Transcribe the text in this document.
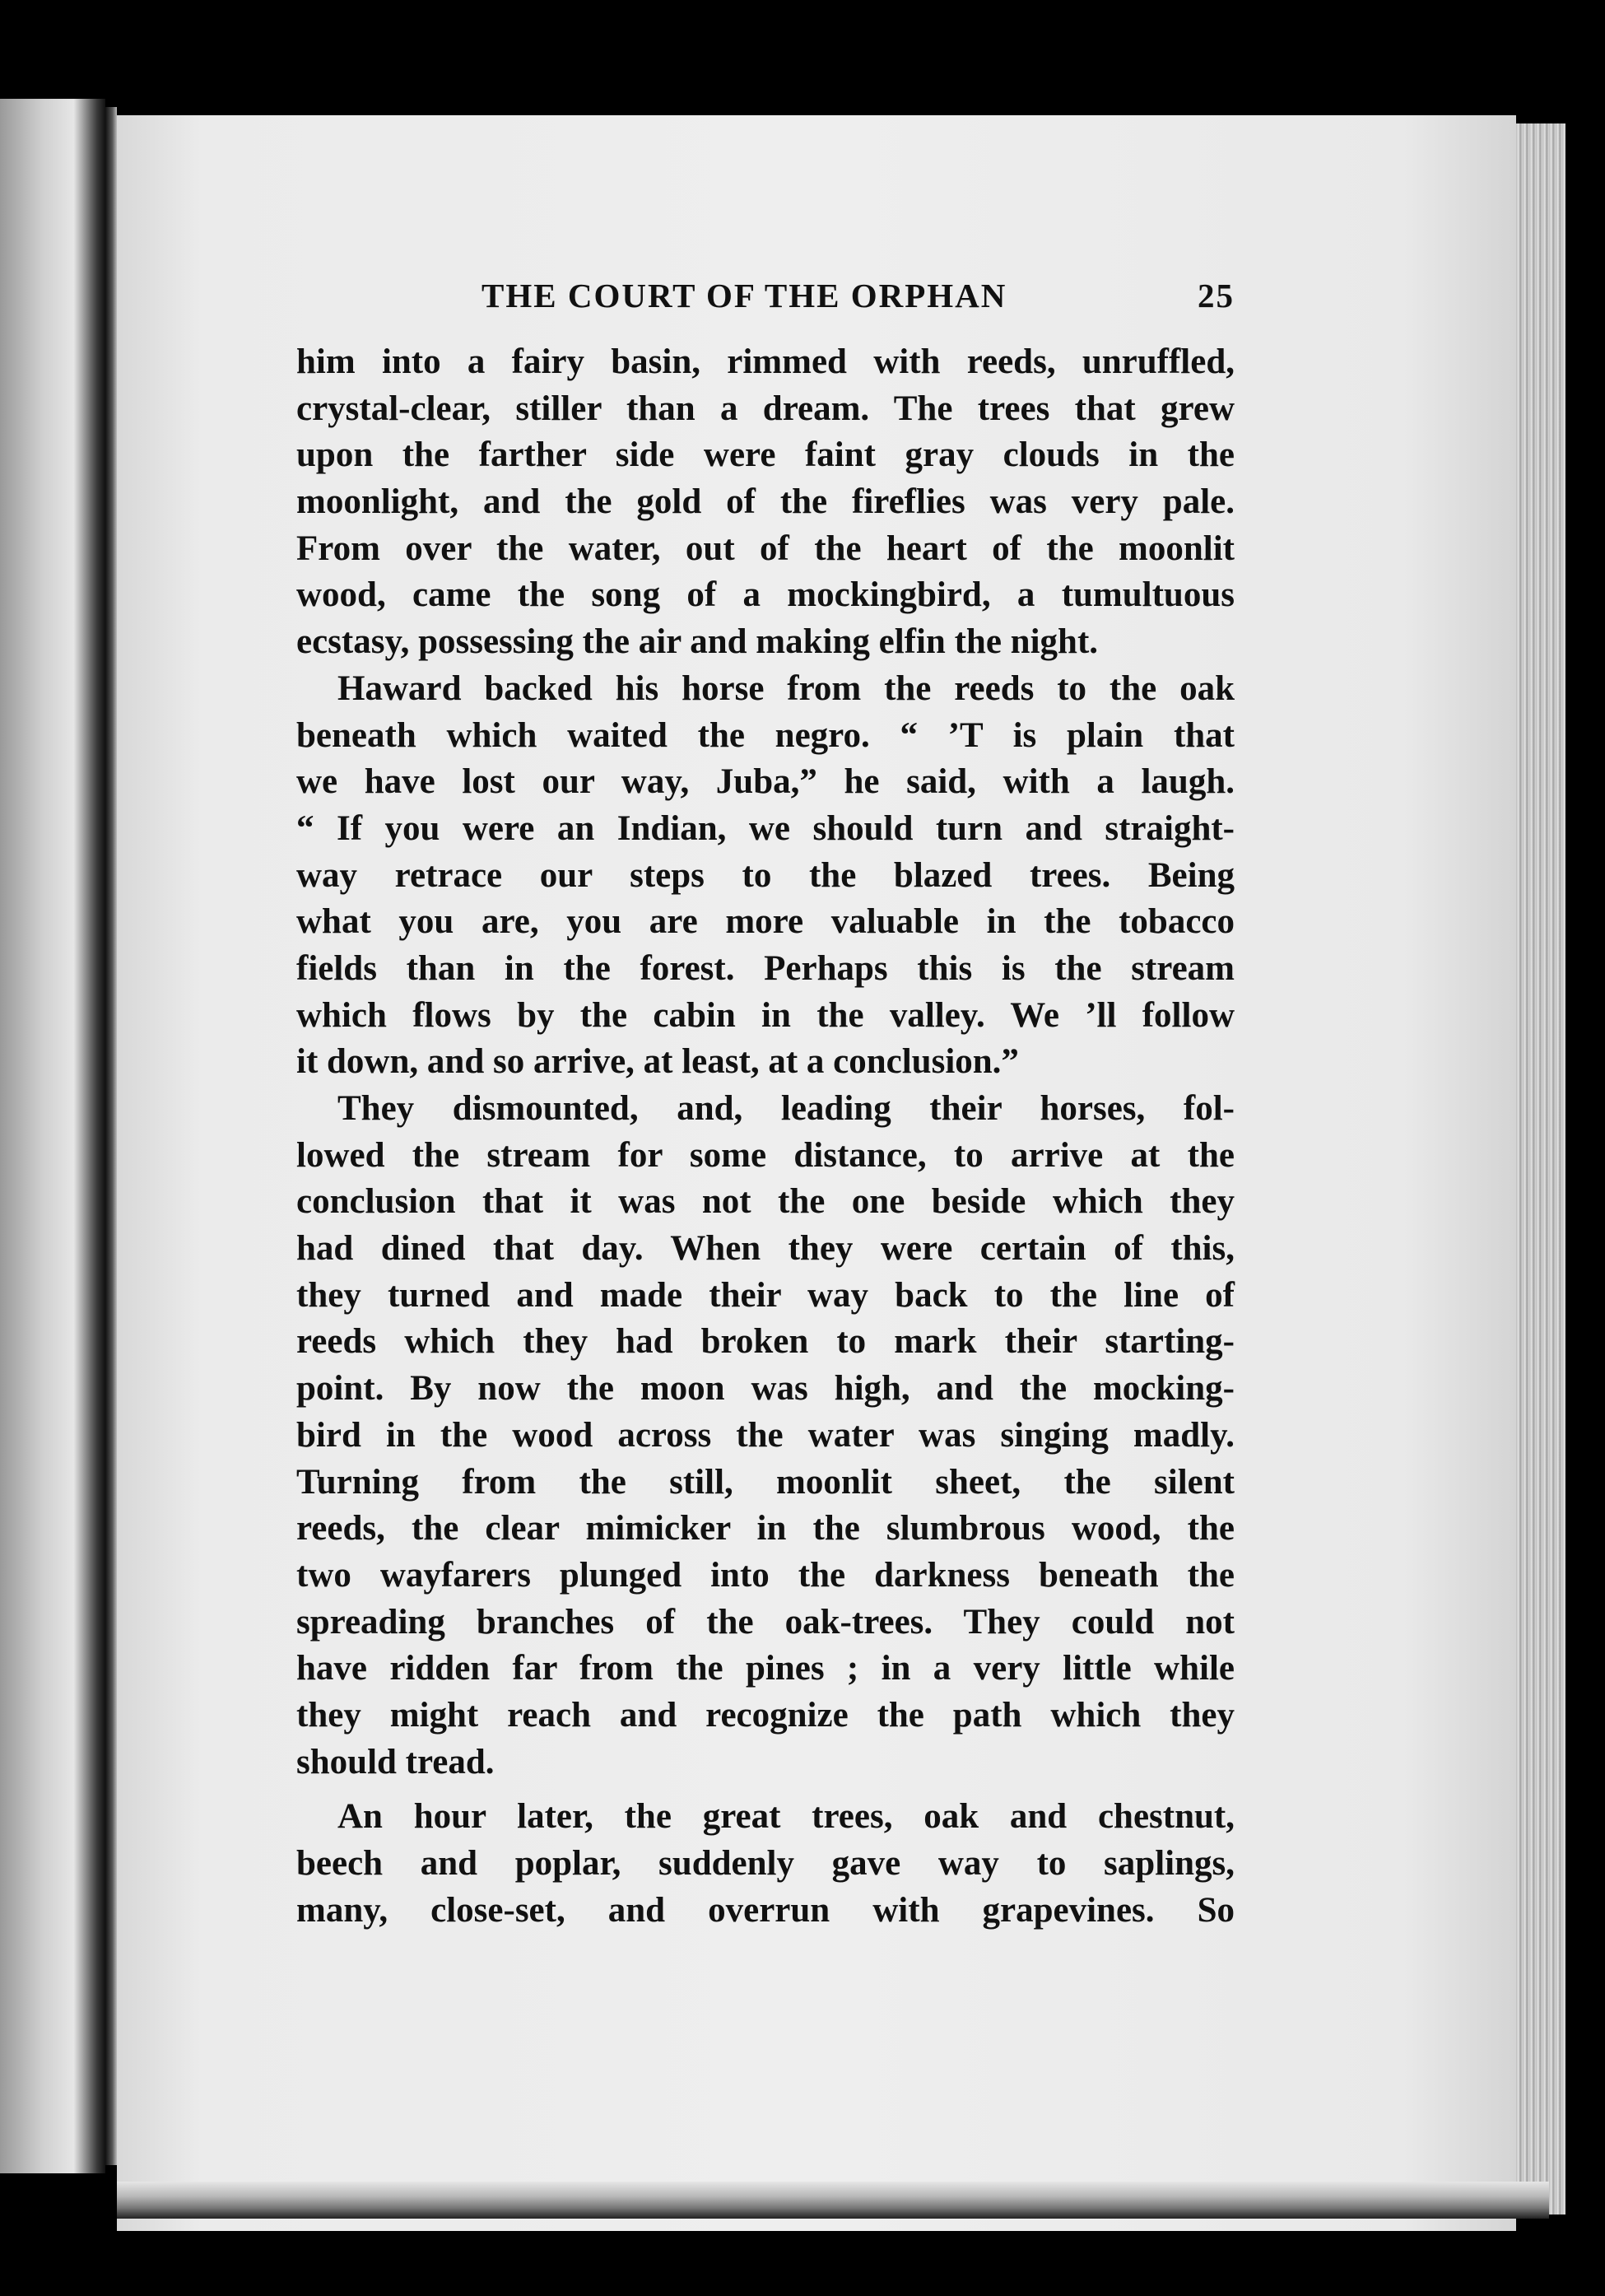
THE COURT OF THE ORPHAN	25
him into a fairy basin, rimmed with reeds, unruffled,
crystal-clear, stiller than a dream. The trees that grew
upon the farther side were faint gray clouds in the
moonlight, and the gold of the fireflies was very pale.
From over the water, out of the heart of the moonlit
wood, came the song of a mockingbird, a tumultuous
ecstasy, possessing the air and making elfin the night.
Haward backed his horse from the reeds to the oak
beneath which waited the negro. “ ’T is plain that
we have lost our way, Juba,” he said, with a laugh.
“ If you were an Indian, we should turn and straight-
way retrace our steps to the blazed trees. Being
what you are, you are more valuable in the tobacco
fields than in the forest. Perhaps this is the stream
which flows by the cabin in the valley. We ’ll follow
it down, and so arrive, at least, at a conclusion.”
They dismounted, and, leading their horses, fol-
lowed the stream for some distance, to arrive at the
conclusion that it was not the one beside which they
had dined that day. When they were certain of this,
they turned and made their way back to the line of
reeds which they had broken to mark their starting-
point. By now the moon was high, and the mocking-
bird in the wood across the water was singing madly.
Turning from the still, moonlit sheet, the silent
reeds, the clear mimicker in the slumbrous wood, the
two wayfarers plunged into the darkness beneath the
spreading branches of the oak-trees. They could not
have ridden far from the pines ; in a very little while
they might reach and recognize the path which they
should tread.
An hour later, the great trees, oak and chestnut,
beech and poplar, suddenly gave way to saplings,
many, close-set, and overrun with grapevines. So
